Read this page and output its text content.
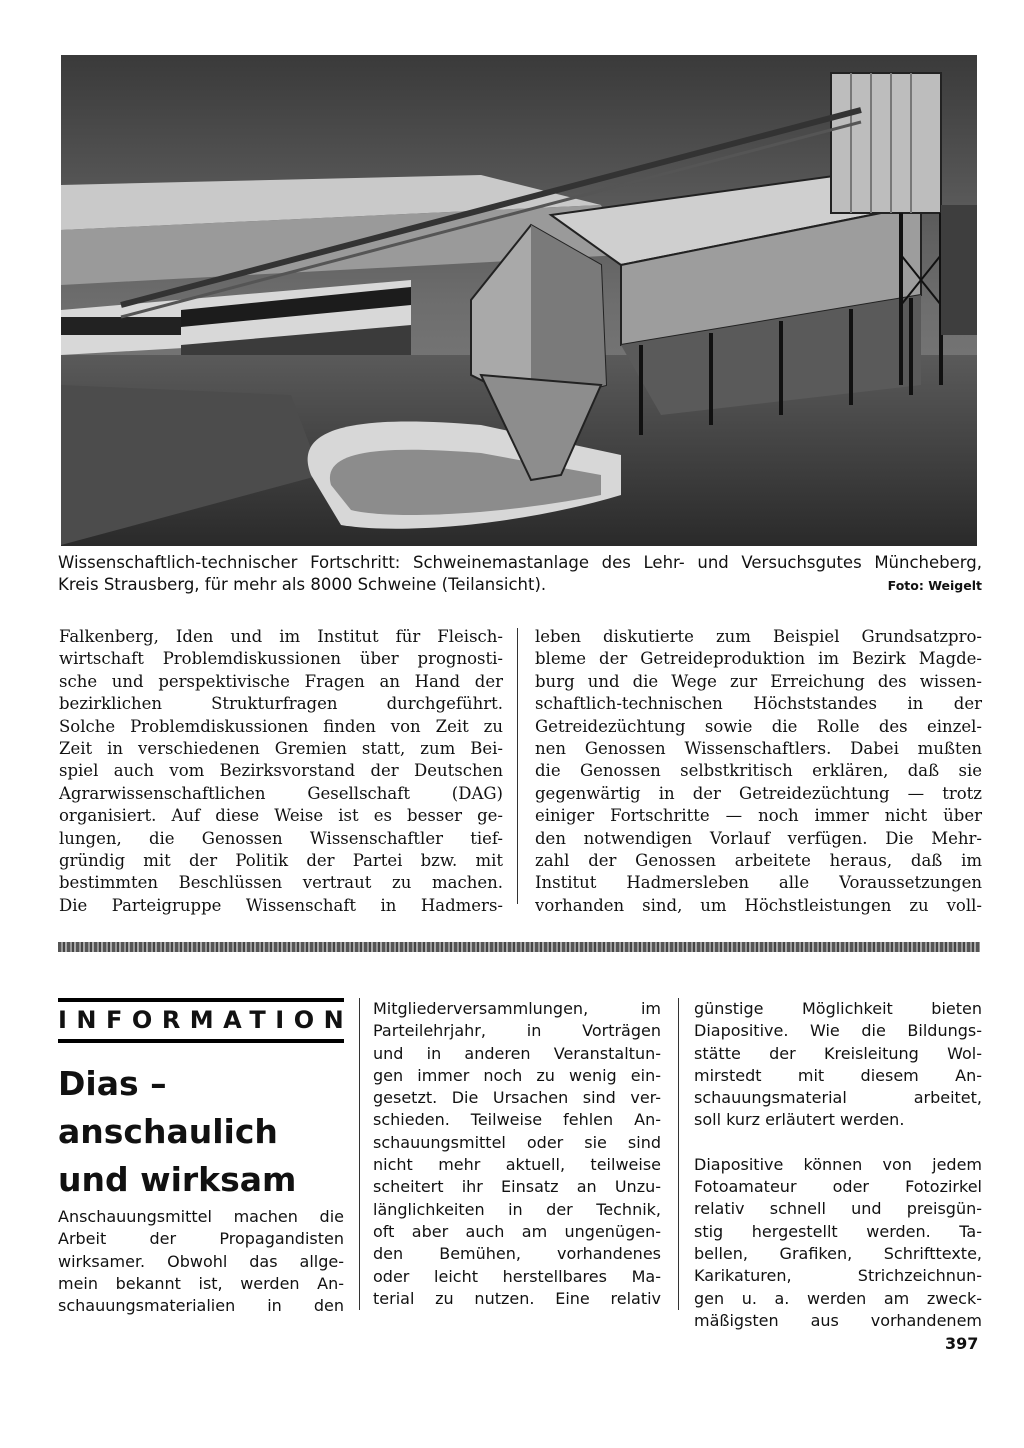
Wissenschaftlich-technischer Fortschritt: Schweinemastanlage des Lehr- und Versuchsgutes Müncheberg,
Kreis Strausberg, für mehr als 8000 Schweine (Teilansicht).	Foto: Weigelt
Falkenberg, Iden und im Institut für Fleisch-
wirtschaft Problemdiskussionen über prognosti-
sche und perspektivische Fragen an Hand der
bezirklichen Strukturfragen durchgeführt.
Solche Problemdiskussionen finden von Zeit zu
Zeit in verschiedenen Gremien statt, zum Bei-
spiel auch vom Bezirksvorstand der Deutschen
Agrarwissenschaftlichen Gesellschaft (DAG)
organisiert. Auf diese Weise ist es besser ge-
lungen, die Genossen Wissenschaftler tief-
gründig mit der Politik der Partei bzw. mit
bestimmten Beschlüssen vertraut zu machen.
Die Parteigruppe Wissenschaft in Hadmers-
leben diskutierte zum Beispiel Grundsatzpro-
bleme der Getreideproduktion im Bezirk Magde-
burg und die Wege zur Erreichung des wissen-
schaftlich-technischen Höchststandes in der
Getreidezüchtung sowie die Rolle des einzel-
nen Genossen Wissenschaftlers. Dabei mußten
die Genossen selbstkritisch erklären, daß sie
gegenwärtig in der Getreidezüchtung — trotz
einiger Fortschritte — noch immer nicht über
den notwendigen Vorlauf verfügen. Die Mehr-
zahl der Genossen arbeitete heraus, daß im
Institut Hadmersleben alle Voraussetzungen
vorhanden sind, um Höchstleistungen zu voll-
INFORMATION
Dias –
anschaulich
und wirksam
Anschauungsmittel machen die
Arbeit der Propagandisten
wirksamer. Obwohl das allge-
mein bekannt ist, werden An-
schauungsmaterialien in den
Mitgliederversammlungen, im
Parteilehrjahr, in Vorträgen
und in anderen Veranstaltun-
gen immer noch zu wenig ein-
gesetzt. Die Ursachen sind ver-
schieden. Teilweise fehlen An-
schauungsmittel oder sie sind
nicht mehr aktuell, teilweise
scheitert ihr Einsatz an Unzu-
länglichkeiten in der Technik,
oft aber auch am ungenügen-
den Bemühen, vorhandenes
oder leicht herstellbares Ma-
terial zu nutzen. Eine relativ
günstige Möglichkeit bieten
Diapositive. Wie die Bildungs-
stätte der Kreisleitung Wol-
mirstedt mit diesem An-
schauungsmaterial arbeitet,
soll kurz erläutert werden.
Diapositive können von jedem
Fotoamateur oder Fotozirkel
relativ schnell und preisgün-
stig hergestellt werden. Ta-
bellen, Grafiken, Schrifttexte,
Karikaturen, Strichzeichnun-
gen u. a. werden am zweck-
mäßigsten aus vorhandenem
397
